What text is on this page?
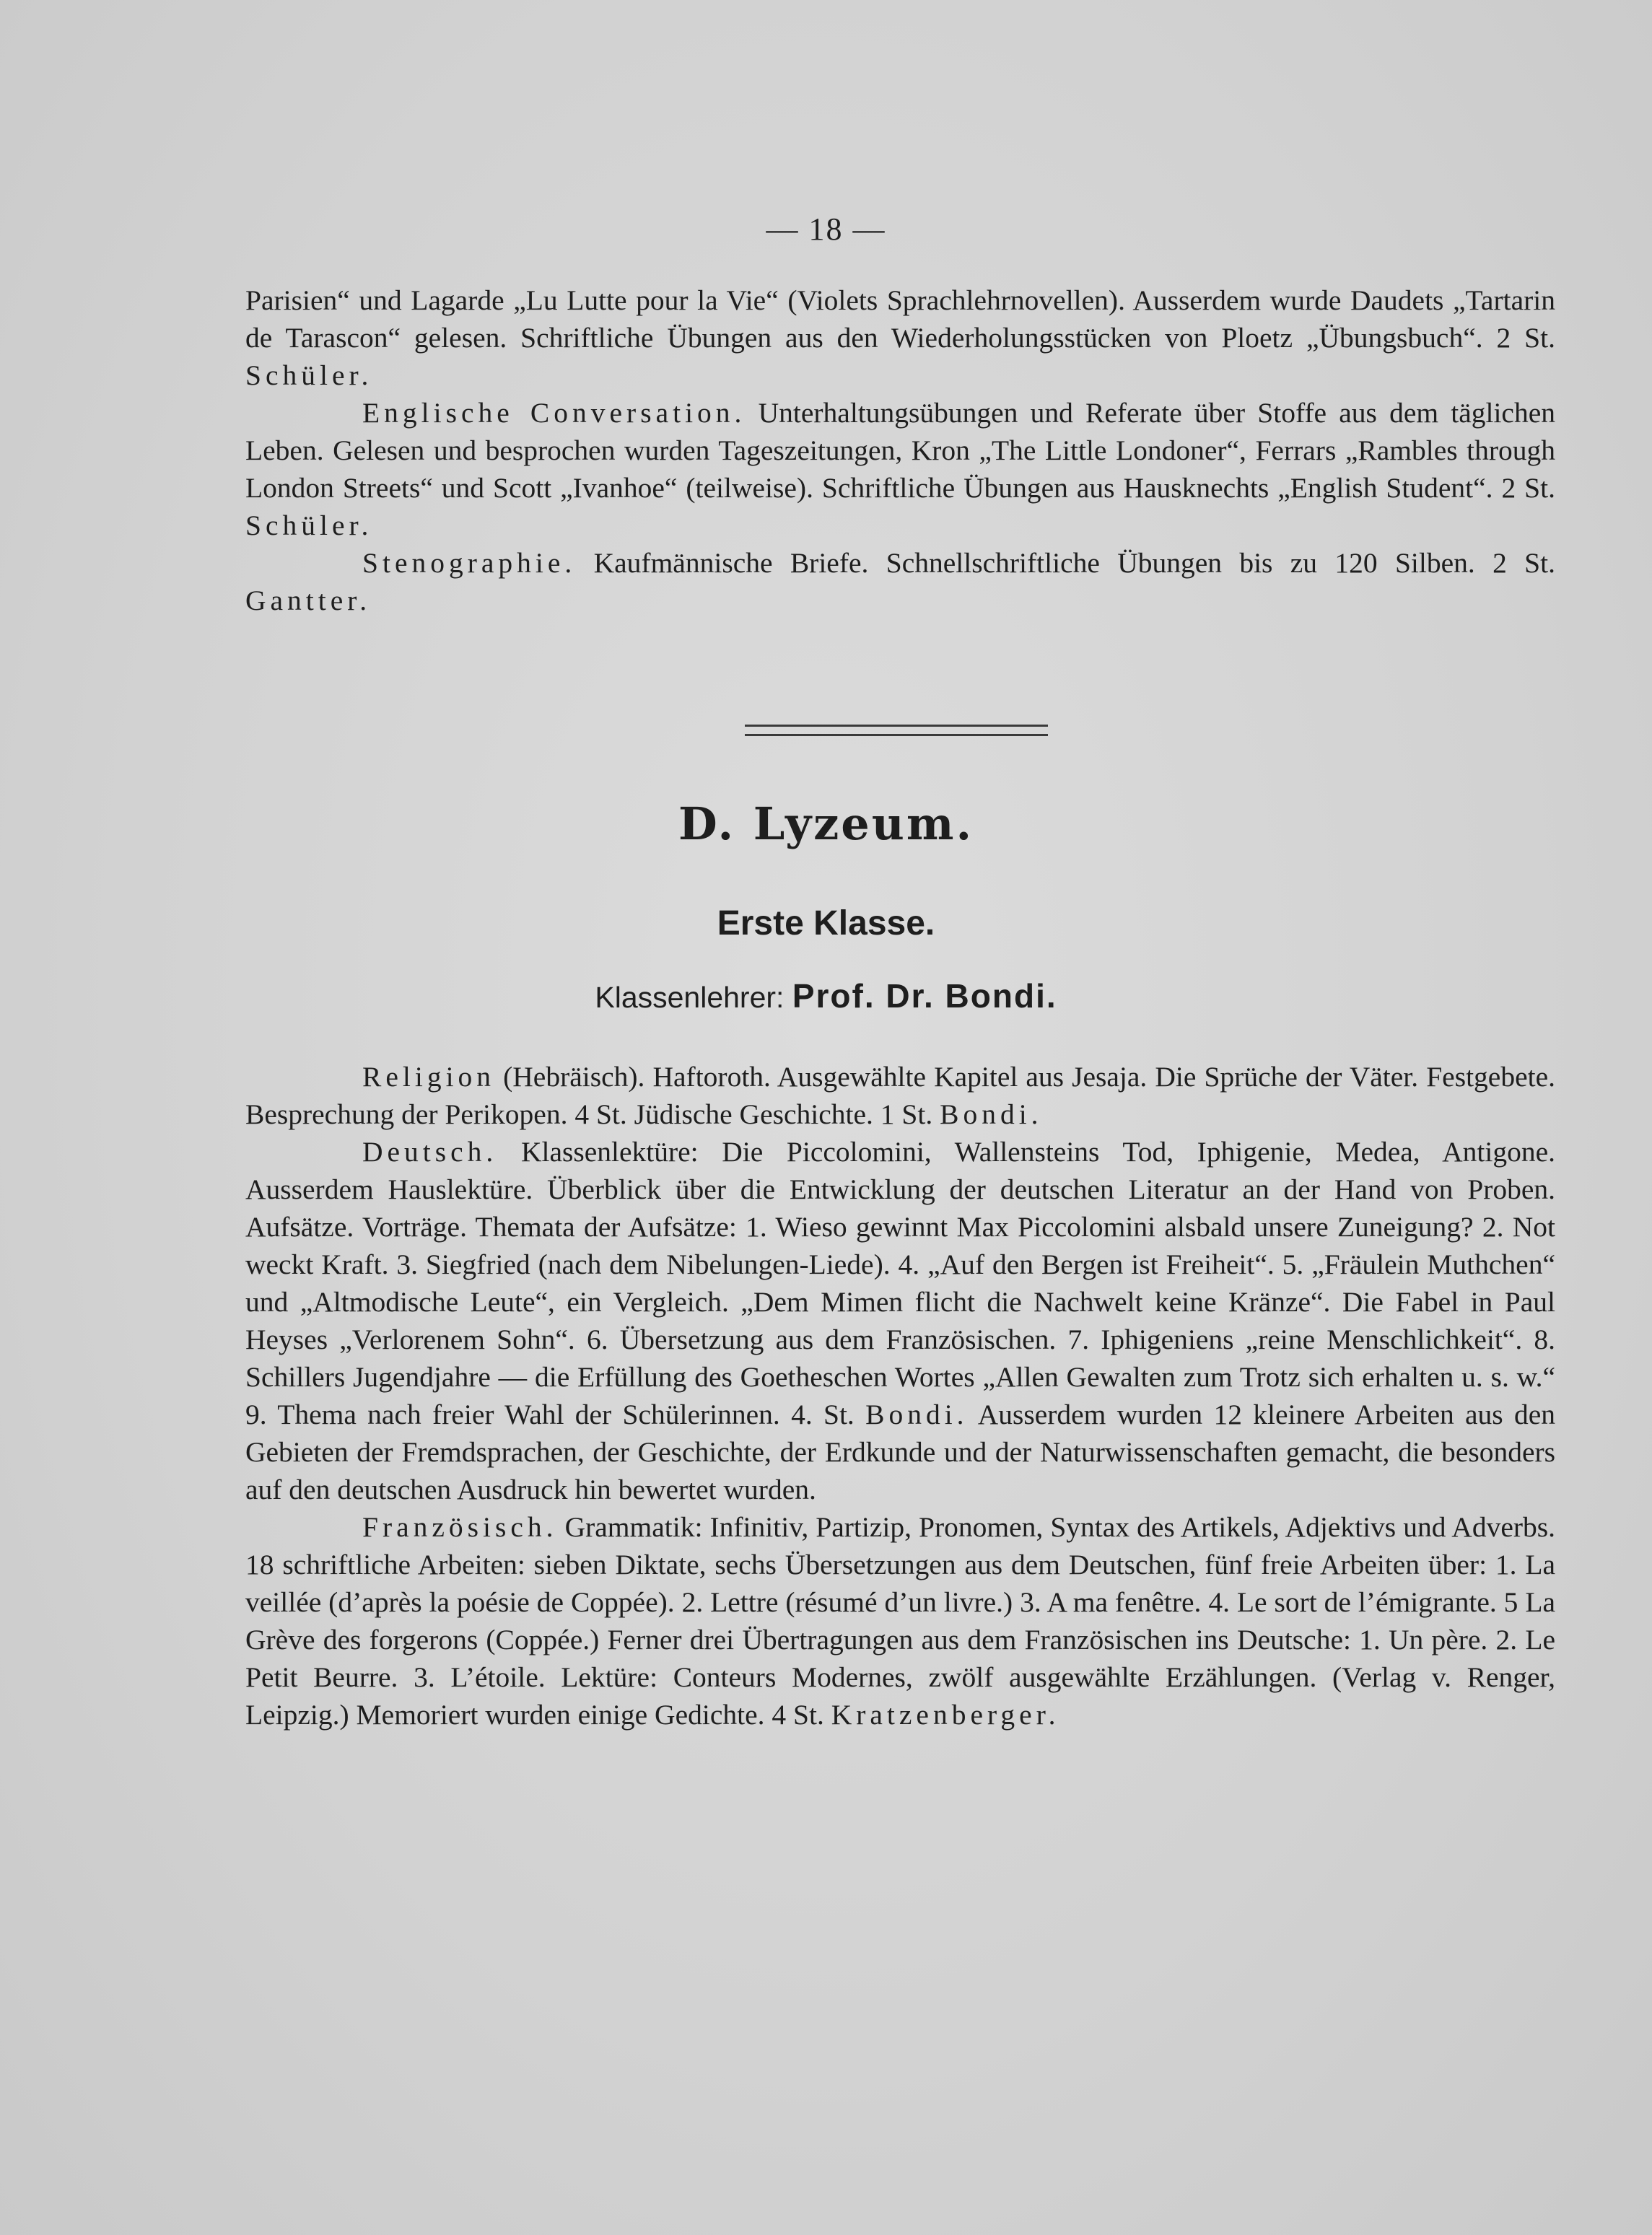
— 18 —

Parisien“ und Lagarde „Lu Lutte pour la Vie“ (Violets Sprachlehrnovellen). Ausserdem wurde Daudets „Tartarin de Tarascon“ gelesen. Schriftliche Übungen aus den Wiederholungsstücken von Ploetz „Übungsbuch“. 2 St. Schüler.

Englische Conversation. Unterhaltungsübungen und Referate über Stoffe aus dem täglichen Leben. Gelesen und besprochen wurden Tageszeitungen, Kron „The Little Londoner“, Ferrars „Rambles through London Streets“ und Scott „Ivanhoe“ (teilweise). Schriftliche Übungen aus Hausknechts „English Student“. 2 St. Schüler.

Stenographie. Kaufmännische Briefe. Schnellschriftliche Übungen bis zu 120 Silben. 2 St. Gantter.

D. Lyzeum.
Erste Klasse.
Klassenlehrer: Prof. Dr. Bondi.

Religion (Hebräisch). Haftoroth. Ausgewählte Kapitel aus Jesaja. Die Sprüche der Väter. Festgebete. Besprechung der Perikopen. 4 St. Jüdische Geschichte. 1 St. Bondi.

Deutsch. Klassenlektüre: Die Piccolomini, Wallensteins Tod, Iphigenie, Medea, Antigone. Ausserdem Hauslektüre. Überblick über die Entwicklung der deutschen Literatur an der Hand von Proben. Aufsätze. Vorträge. Themata der Aufsätze: 1. Wieso gewinnt Max Piccolomini alsbald unsere Zuneigung? 2. Not weckt Kraft. 3. Siegfried (nach dem Nibelungen-Liede). 4. „Auf den Bergen ist Freiheit“. 5. „Fräulein Muthchen“ und „Altmodische Leute“, ein Vergleich. „Dem Mimen flicht die Nachwelt keine Kränze“. Die Fabel in Paul Heyses „Verlorenem Sohn“. 6. Übersetzung aus dem Französischen. 7. Iphigeniens „reine Menschlichkeit“. 8. Schillers Jugendjahre — die Erfüllung des Goetheschen Wortes „Allen Gewalten zum Trotz sich erhalten u. s. w.“ 9. Thema nach freier Wahl der Schülerinnen. 4. St. Bondi. Ausserdem wurden 12 kleinere Arbeiten aus den Gebieten der Fremdsprachen, der Geschichte, der Erdkunde und der Naturwissenschaften gemacht, die besonders auf den deutschen Ausdruck hin bewertet wurden.

Französisch. Grammatik: Infinitiv, Partizip, Pronomen, Syntax des Artikels, Adjektivs und Adverbs. 18 schriftliche Arbeiten: sieben Diktate, sechs Übersetzungen aus dem Deutschen, fünf freie Arbeiten über: 1. La veillée (d’après la poésie de Coppée). 2. Lettre (résumé d’un livre.) 3. A ma fenêtre. 4. Le sort de l’émigrante. 5 La Grève des forgerons (Coppée.) Ferner drei Übertragungen aus dem Französischen ins Deutsche: 1. Un père. 2. Le Petit Beurre. 3. L’étoile. Lektüre: Conteurs Modernes, zwölf ausgewählte Erzählungen. (Verlag v. Renger, Leipzig.) Memoriert wurden einige Gedichte. 4 St. Kratzenberger.
